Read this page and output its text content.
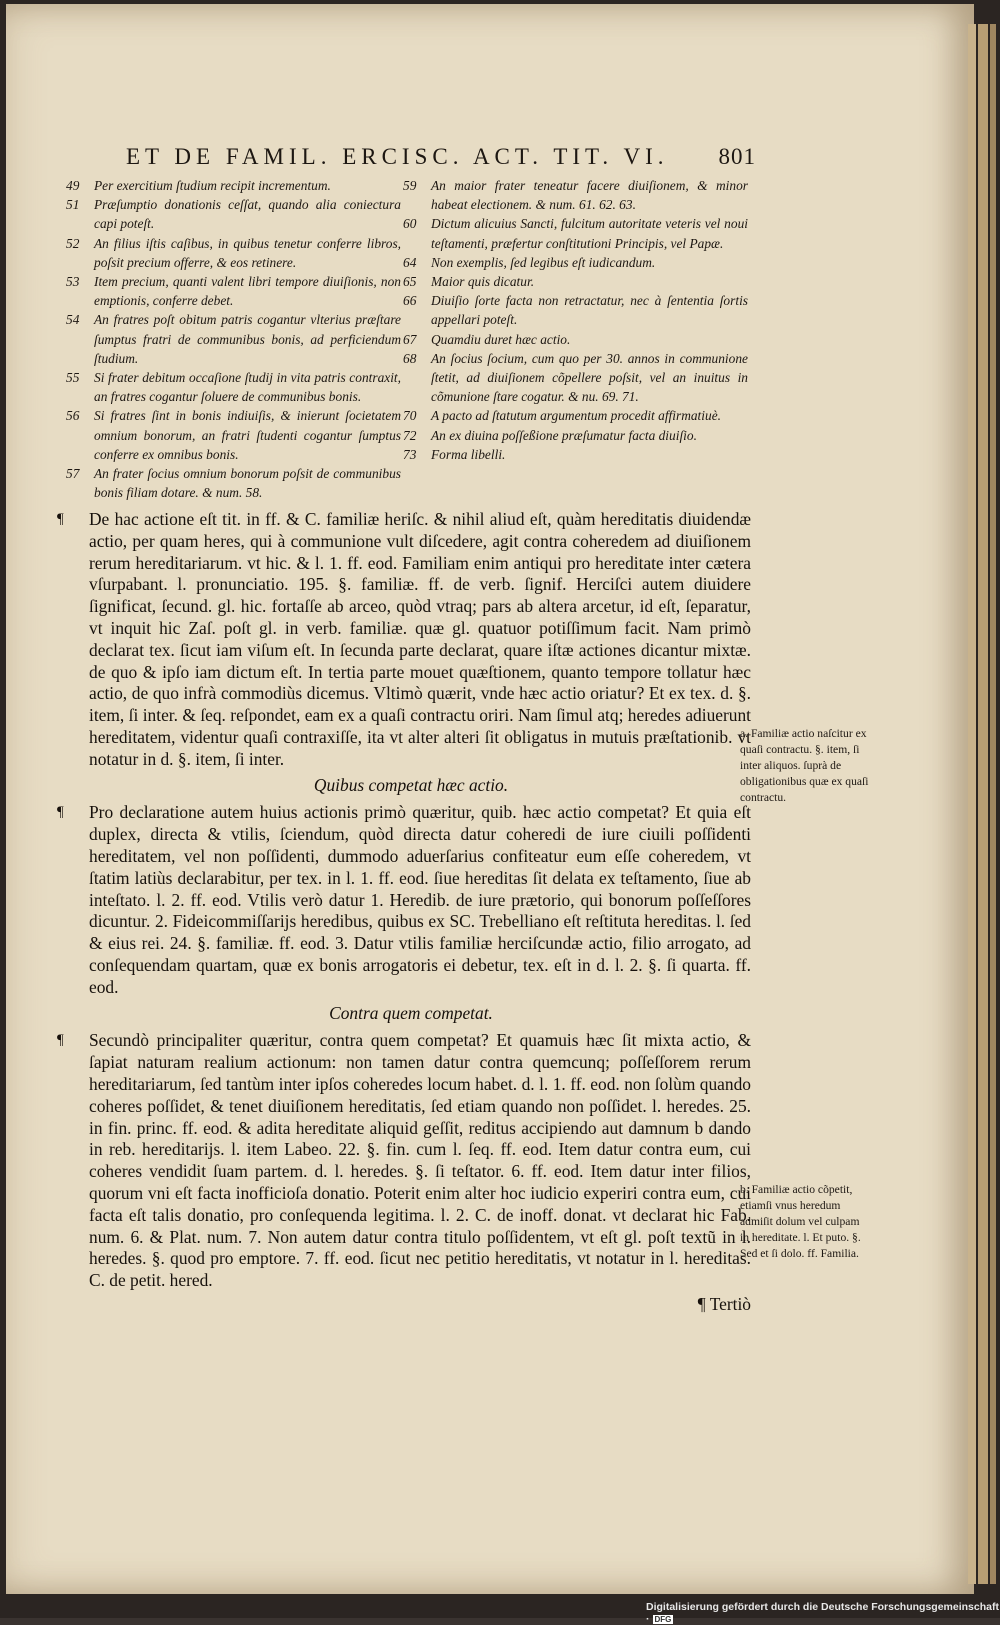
ET DE FAMIL. ERCISC. ACT. TIT. VI. 801
49	Per exercitium ſtudium recipit incrementum.
51	Præſumptio donationis ceſſat, quando alia coniectura capi poteſt.
52	An filius iſtis caſibus, in quibus tenetur conferre libros, poſsit precium offerre, & eos retinere.
53	Item precium, quanti valent libri tempore diuiſionis, non emptionis, conferre debet.
54	An fratres poſt obitum patris cogantur vlterius præſtare ſumptus fratri de communibus bonis, ad perficiendum ſtudium.
55	Si frater debitum occaſione ſtudij in vita patris contraxit, an fratres cogantur ſoluere de communibus bonis.
56	Si fratres ſint in bonis indiuiſis, & inierunt ſocietatem omnium bonorum, an fratri ſtudenti cogantur ſumptus conferre ex omnibus bonis.
57	An frater ſocius omnium bonorum poſsit de communibus bonis filiam dotare. & num. 58.
59	An maior frater teneatur facere diuiſionem, & minor habeat electionem. & num. 61. 62. 63.
60	Dictum alicuius Sancti, fulcitum autoritate veteris vel noui teſtamenti, præfertur conſtitutioni Principis, vel Papæ.
64	Non exemplis, ſed legibus eſt iudicandum.
65	Maior quis dicatur.
66	Diuiſio ſorte facta non retractatur, nec à ſententia ſortis appellari poteſt.
67	Quamdiu duret hæc actio.
68	An ſocius ſocium, cum quo per 30. annos in communione ſtetit, ad diuiſionem cõpellere poſsit, vel an inuitus in cõmunione ſtare cogatur. & nu. 69. 71.
70	A pacto ad ſtatutum argumentum procedit affirmatiuè.
72	An ex diuina poſſeßione præſumatur facta diuiſio.
73	Forma libelli.
¶ De hac actione eſt tit. in ff. & C. familiæ heriſc. & nihil aliud eſt, quàm hereditatis diuidendæ actio, per quam heres, qui à communione vult diſcedere, agit contra coheredem ad diuiſionem rerum hereditariarum. vt hic. & l. 1. ff. eod. Familiam enim antiqui pro hereditate inter cætera vſurpabant. l. pronunciatio. 195. §. familiæ. ff. de verb. ſignif. Herciſci autem diuidere ſignificat, ſecund. gl. hic. fortaſſe ab arceo, quòd vtraq; pars ab altera arcetur, id eſt, ſeparatur, vt inquit hic Zaſ. poſt gl. in verb. familiæ. quæ gl. quatuor potiſſimum facit. Nam primò declarat tex. ſicut iam viſum eſt. In ſecunda parte declarat, quare iſtæ actiones dicantur mixtæ. de quo & ipſo iam dictum eſt. In tertia parte mouet quæſtionem, quanto tempore tollatur hæc actio, de quo infrà commodiùs dicemus. Vltimò quærit, vnde hæc actio oriatur? Et ex tex. d. §. item, ſi inter. & ſeq. reſpondet, eam ex a quaſi contractu oriri. Nam ſimul atq; heredes adiuerunt hereditatem, videntur quaſi contraxiſſe, ita vt alter alteri ſit obligatus in mutuis præſtationib. vt notatur in d. §. item, ſi inter.

Quibus competat hæc actio.

¶ Pro declaratione autem huius actionis primò quæritur, quib. hæc actio competat? Et quia eſt duplex, directa & vtilis, ſciendum, quòd directa datur coheredi de iure ciuili poſſidenti hereditatem, vel non poſſidenti, dummodo aduerſarius confiteatur eum eſſe coheredem, vt ſtatim latiùs declarabitur, per tex. in l. 1. ff. eod. ſiue hereditas ſit delata ex teſtamento, ſiue ab inteſtato. l. 2. ff. eod. Vtilis verò datur 1. Heredib. de iure prætorio, qui bonorum poſſeſſores dicuntur. 2. Fideicommiſſarijs heredibus, quibus ex SC. Trebelliano eſt reſtituta hereditas. l. ſed & eius rei. 24. §. familiæ. ff. eod. 3. Datur vtilis familiæ herciſcundæ actio, filio arrogato, ad conſequendam quartam, quæ ex bonis arrogatoris ei debetur, tex. eſt in d. l. 2. §. ſi quarta. ff. eod.

Contra quem competat.

¶ Secundò principaliter quæritur, contra quem competat? Et quamuis hæc ſit mixta actio, & ſapiat naturam realium actionum: non tamen datur contra quemcunq; poſſeſſorem rerum hereditariarum, ſed tantùm inter ipſos coheredes locum habet. d. l. 1. ff. eod. non ſolùm quando coheres poſſidet, & tenet diuiſionem hereditatis, ſed etiam quando non poſſidet. l. heredes. 25. in fin. princ. ff. eod. & adita hereditate aliquid geſſit, reditus accipiendo aut damnum b dando in reb. hereditarijs. l. item Labeo. 22. §. fin. cum l. ſeq. ff. eod. Item datur contra eum, cui coheres vendidit ſuam partem. d. l. heredes. §. ſi teſtator. 6. ff. eod. Item datur inter filios, quorum vni eſt facta inofficioſa donatio. Poterit enim alter hoc iudicio experiri contra eum, cui facta eſt talis donatio, pro conſequenda legitima. l. 2. C. de inoff. donat. vt declarat hic Fab. num. 6. & Plat. num. 7. Non autem datur contra titulo poſſidentem, vt eſt gl. poſt textũ in l. heredes. §. quod pro emptore. 7. ff. eod. ſicut nec petitio hereditatis, vt notatur in l. hereditas. C. de petit. hered.

¶ Tertiò

a. Familiæ actio naſcitur ex quaſi contractu. §. item, ſi inter aliquos. ſuprà de obligationibus quæ ex quaſi contractu.
b. Familiæ actio cõpetit, etiamſi vnus heredum admiſit dolum vel culpam in hereditate. l. Et puto. §. Sed et ſi dolo. ff. Familia.
Digitalisierung gefördert durch die Deutsche Forschungsgemeinschaft · DFG
